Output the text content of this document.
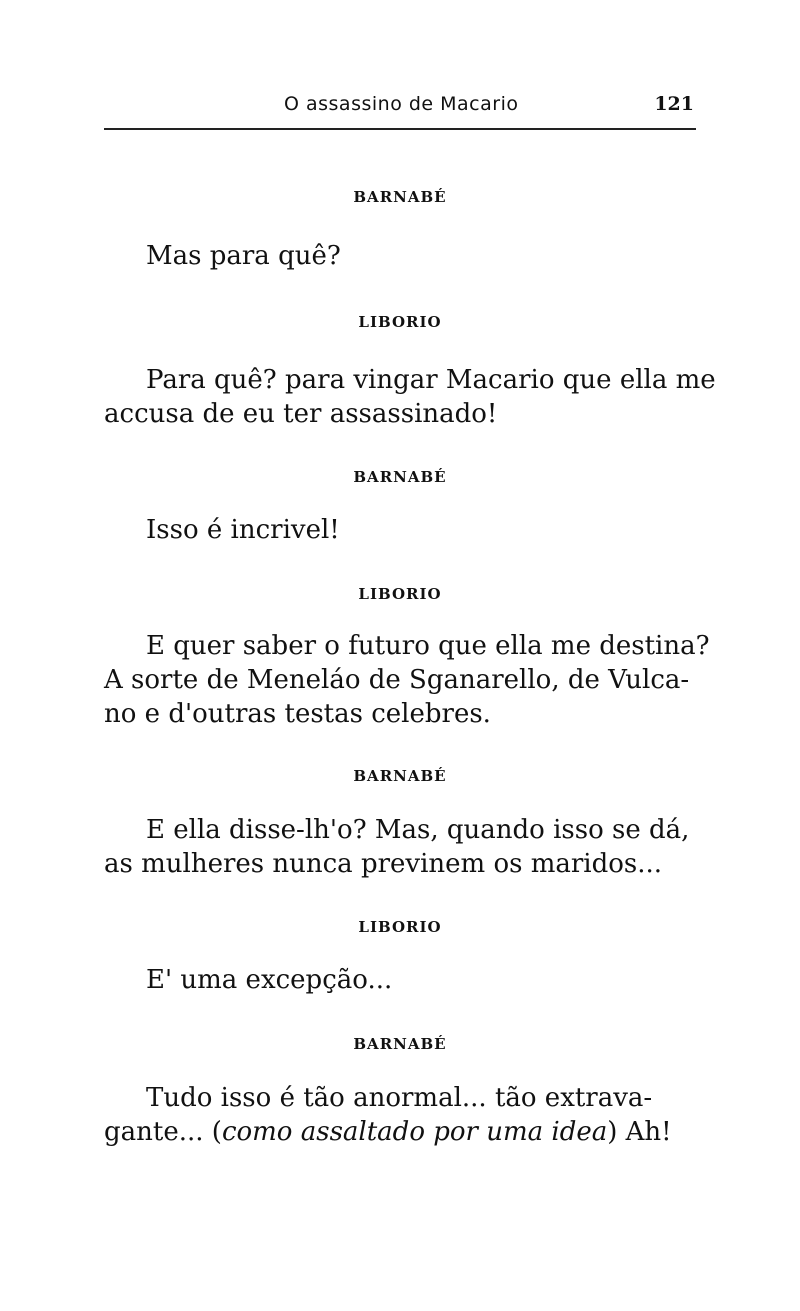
O assassino de Macario	121
BARNABÉ
Mas para quê?
LIBORIO
Para quê? para vingar Macario que ella me
accusa de eu ter assassinado!
BARNABÉ
Isso é incrivel!
LIBORIO
E quer saber o futuro que ella me destina?
A sorte de Meneláo de Sganarello, de Vulca-
no e d'outras testas celebres.
BARNABÉ
E ella disse-lh'o? Mas, quando isso se dá,
as mulheres nunca previnem os maridos...
LIBORIO
E' uma excepção...
BARNABÉ
Tudo isso é tão anormal... tão extrava-
gante... (como assaltado por uma idea) Ah!
